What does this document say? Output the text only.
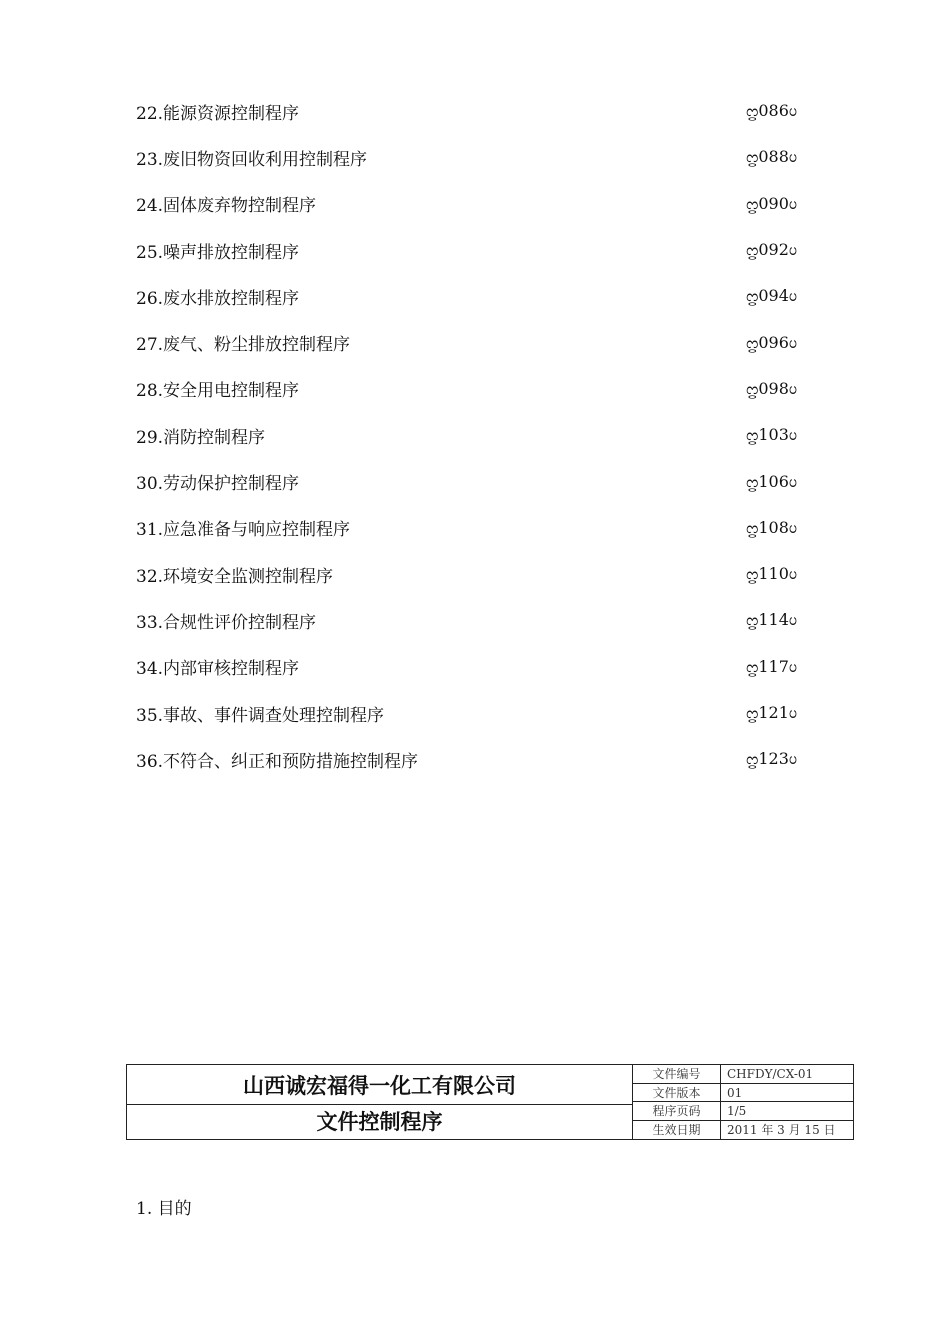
22.能源资源控制程序	ᦦ086ᦢ
23.废旧物资回收利用控制程序	ᦦ088ᦢ
24.固体废弃物控制程序	ᦦ090ᦢ
25.噪声排放控制程序	ᦦ092ᦢ
26.废水排放控制程序	ᦦ094ᦢ
27.废气、粉尘排放控制程序	ᦦ096ᦢ
28.安全用电控制程序	ᦦ098ᦢ
29.消防控制程序	ᦦ103ᦢ
30.劳动保护控制程序	ᦦ106ᦢ
31.应急准备与响应控制程序	ᦦ108ᦢ
32.环境安全监测控制程序	ᦦ110ᦢ
33.合规性评价控制程序	ᦦ114ᦢ
34.内部审核控制程序	ᦦ117ᦢ
35.事故、事件调查处理控制程序	ᦦ121ᦢ
36.不符合、纠正和预防措施控制程序	ᦦ123ᦢ
山西诚宏福得一化工有限公司
文件控制程序
文件编号	CHFDY/CX-01
文件版本	01
程序页码	1/5
生效日期	2011 年 3 月 15 日
1. 目的
